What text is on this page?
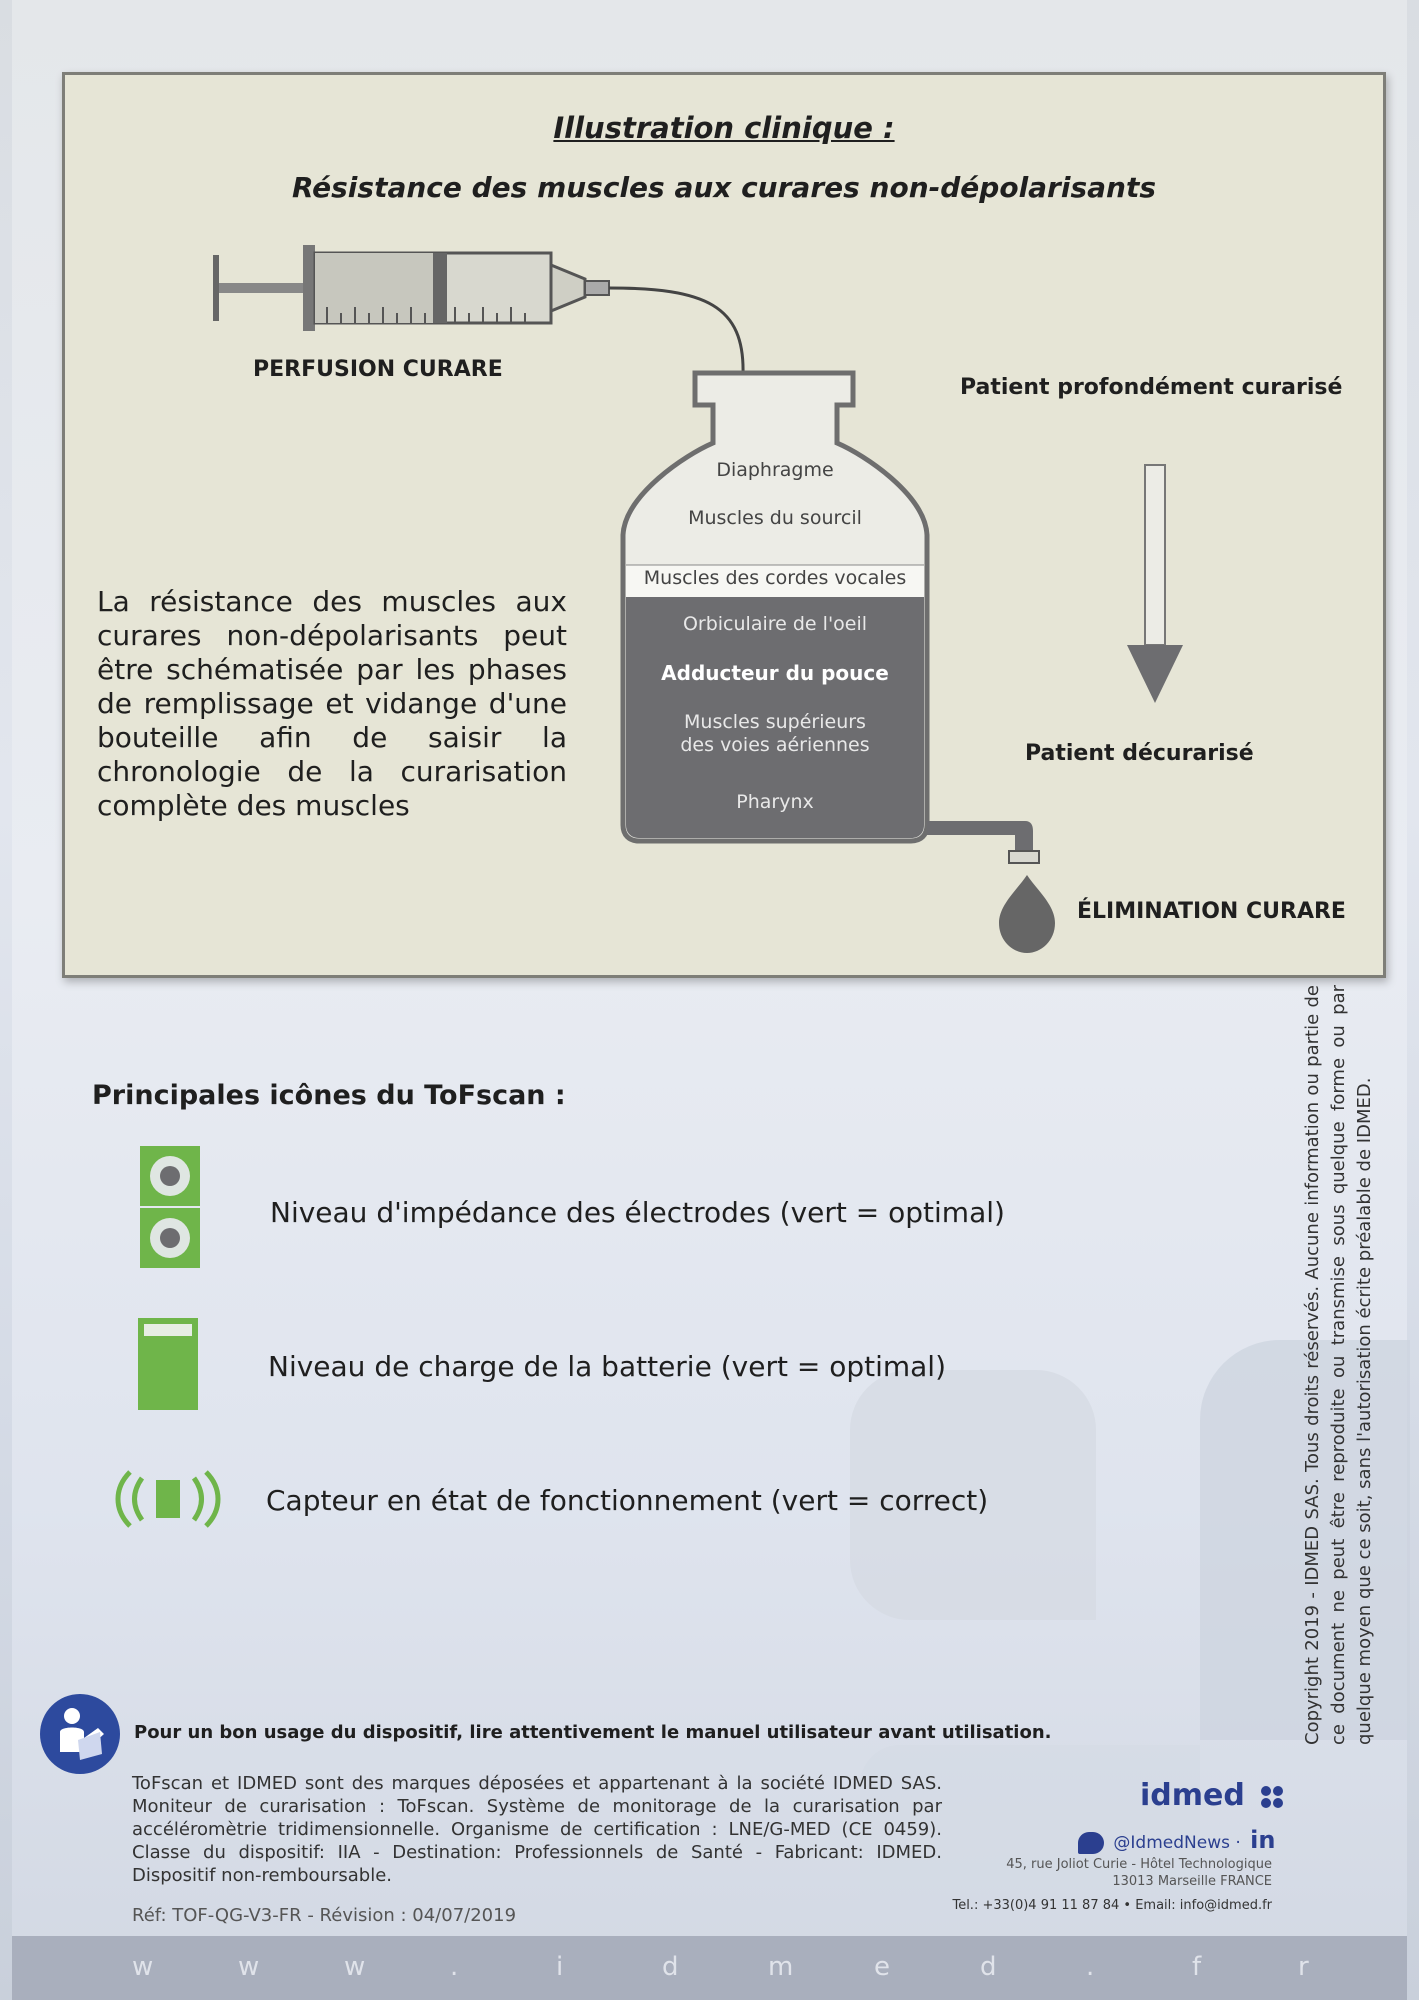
Illustration clinique :
Résistance des muscles aux curares non-dépolarisants
PERFUSION CURARE
Patient profondément curarisé
Patient décurarisé
ÉLIMINATION CURARE
Diaphragme
Muscles du sourcil
Muscles des cordes vocales
Orbiculaire de l'oeil
Adducteur du pouce
Muscles supérieurs des voies aériennes
Pharynx
La résistance des muscles aux curares non-dépolarisants peut être schématisée par les phases de remplissage et vidange d'une bouteille afin de saisir la chronologie de la curarisation complète des muscles
Principales icônes du ToFscan :
Niveau d'impédance des électrodes (vert = optimal)
Niveau de charge de la batterie (vert = optimal)
Capteur en état de fonctionnement (vert = correct)	Copyright 2019 - IDMED SAS. Tous droits réservés. Aucune information ou partie de ce document ne peut être reproduite ou transmise sous quelque forme ou par quelque moyen que ce soit, sans l'autorisation écrite préalable de IDMED.
Pour un bon usage du dispositif, lire attentivement le manuel utilisateur avant utilisation.
ToFscan et IDMED sont des marques déposées et appartenant à la société IDMED SAS. Moniteur de curarisation : ToFscan. Système de monitorage de la curarisation par accéléromètrie tridimensionnelle. Organisme de certification : LNE/G-MED (CE 0459). Classe du dispositif: IIA - Destination: Professionnels de Santé - Fabricant: IDMED. Dispositif non-remboursable.
Réf: TOF-QG-V3-FR - Révision : 04/07/2019
idmed
@IdmedNews · in
45, rue Joliot Curie - Hôtel Technologique
13013 Marseille FRANCE
Tel.: +33(0)4 91 11 87 84 • Email: info@idmed.fr
w	w	w	.	i	d	m	e	d	.	f	r
